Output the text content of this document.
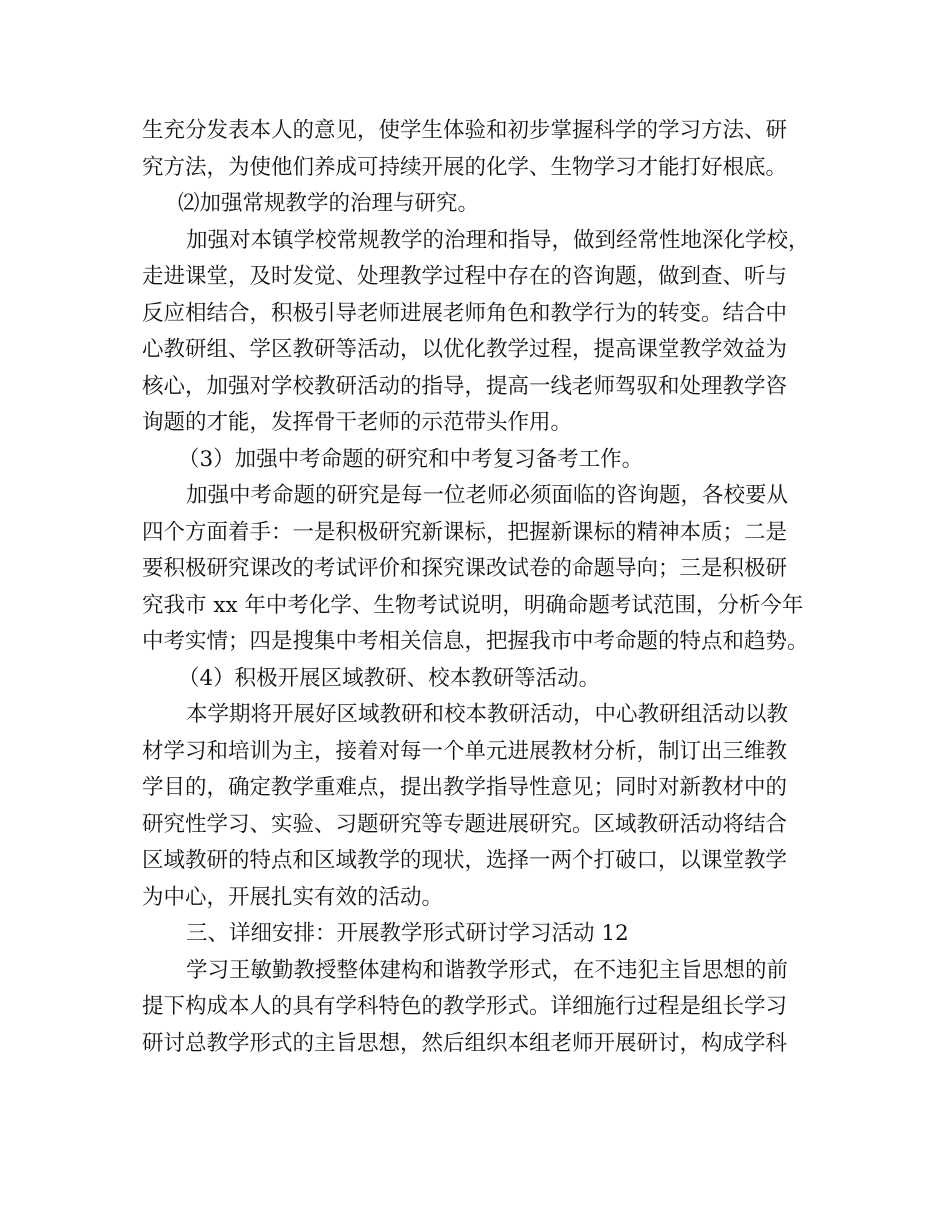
生充分发表本人的意见，使学生体验和初步掌握科学的学习方法、研
究方法，为使他们养成可持续开展的化学、生物学习才能打好根底。
⑵加强常规教学的治理与研究。
加强对本镇学校常规教学的治理和指导，做到经常性地深化学校，
走进课堂，及时发觉、处理教学过程中存在的咨询题，做到查、听与
反应相结合，积极引导老师进展老师角色和教学行为的转变。结合中
心教研组、学区教研等活动，以优化教学过程，提高课堂教学效益为
核心，加强对学校教研活动的指导，提高一线老师驾驭和处理教学咨
询题的才能，发挥骨干老师的示范带头作用。
（3）加强中考命题的研究和中考复习备考工作。
加强中考命题的研究是每一位老师必须面临的咨询题，各校要从
四个方面着手：一是积极研究新课标，把握新课标的精神本质；二是
要积极研究课改的考试评价和探究课改试卷的命题导向；三是积极研
究我市 xx 年中考化学、生物考试说明，明确命题考试范围，分析今年
中考实情；四是搜集中考相关信息，把握我市中考命题的特点和趋势。
（4）积极开展区域教研、校本教研等活动。
本学期将开展好区域教研和校本教研活动，中心教研组活动以教
材学习和培训为主，接着对每一个单元进展教材分析，制订出三维教
学目的，确定教学重难点，提出教学指导性意见；同时对新教材中的
研究性学习、实验、习题研究等专题进展研究。区域教研活动将结合
区域教研的特点和区域教学的现状，选择一两个打破口，以课堂教学
为中心，开展扎实有效的活动。
三、详细安排：开展教学形式研讨学习活动 12
学习王敏勤教授整体建构和谐教学形式，在不违犯主旨思想的前
提下构成本人的具有学科特色的教学形式。详细施行过程是组长学习
研讨总教学形式的主旨思想，然后组织本组老师开展研讨，构成学科
